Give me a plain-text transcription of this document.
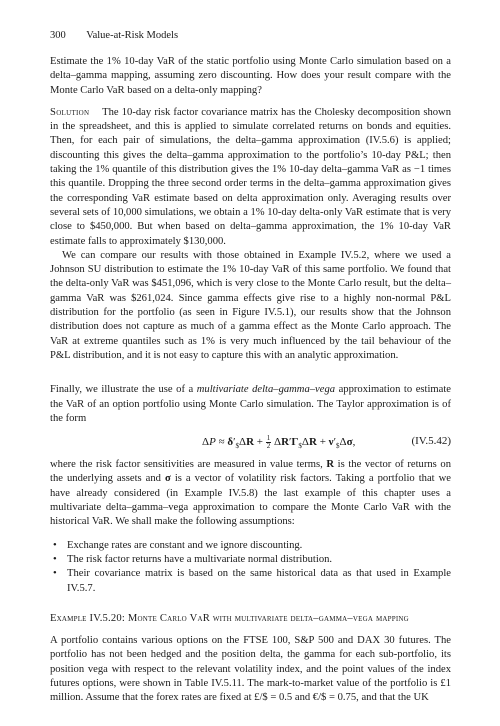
300 Value-at-Risk Models

Estimate the 1% 10-day VaR of the static portfolio using Monte Carlo simulation based on a delta–gamma mapping, assuming zero discounting. How does your result compare with the Monte Carlo VaR based on a delta-only mapping?

Solution The 10-day risk factor covariance matrix has the Cholesky decomposition shown in the spreadsheet, and this is applied to simulate correlated returns on bonds and equities. Then, for each pair of simulations, the delta–gamma approximation (IV.5.6) is applied; discounting this gives the delta–gamma approximation to the portfolio’s 10-day P&L; then taking the 1% quantile of this distribution gives the 1% 10-day delta–gamma VaR as −1 times this quantile. Dropping the three second order terms in the delta–gamma approximation gives the corresponding VaR estimate based on delta approximation only. Averaging results over several sets of 10,000 simulations, we obtain a 1% 10-day delta-only VaR estimate that is very close to $450,000. But when based on delta–gamma approximation, the 1% 10-day VaR estimate falls to approximately $130,000.

We can compare our results with those obtained in Example IV.5.2, where we used a Johnson SU distribution to estimate the 1% 10-day VaR of this same portfolio. We found that the delta-only VaR was $451,096, which is very close to the Monte Carlo result, but the delta–gamma VaR was $261,024. Since gamma effects give rise to a highly non-normal P&L distribution for the portfolio (as seen in Figure IV.5.1), our results show that the Johnson distribution does not capture as much of a gamma effect as the Monte Carlo approach. The VaR at extreme quantiles such as 1% is very much influenced by the tail behaviour of the P&L distribution, and it is not easy to capture this with an analytic approximation.

Finally, we illustrate the use of a multivariate delta–gamma–vega approximation to estimate the VaR of an option portfolio using Monte Carlo simulation. The Taylor approximation is of the form

$\Delta P \approx \delta'_{\$}\Delta R + \frac{1}{2} \Delta R'\Gamma_{\$}\Delta R + \nu'_{\$}\Delta\sigma$,	(IV.5.42)

where the risk factor sensitivities are measured in value terms, R is the vector of returns on the underlying assets and σ is a vector of volatility risk factors. Taking a portfolio that we have already considered (in Example IV.5.8) the last example of this chapter uses a multivariate delta–gamma–vega approximation to compare the Monte Carlo VaR with the historical VaR. We shall make the following assumptions:

• Exchange rates are constant and we ignore discounting.
• The risk factor returns have a multivariate normal distribution.
• Their covariance matrix is based on the same historical data as that used in Example IV.5.7.
Example IV.5.20: Monte Carlo VaR with multivariate delta–gamma–vega mapping

A portfolio contains various options on the FTSE 100, S&P 500 and DAX 30 futures. The portfolio has not been hedged and the position delta, the gamma for each sub-portfolio, its position vega with respect to the relevant volatility index, and the point values of the index futures options, were shown in Table IV.5.11. The mark-to-market value of the portfolio is £1 million. Assume that the forex rates are fixed at £/$ = 0.5 and €/$ = 0.75, and that the UK
